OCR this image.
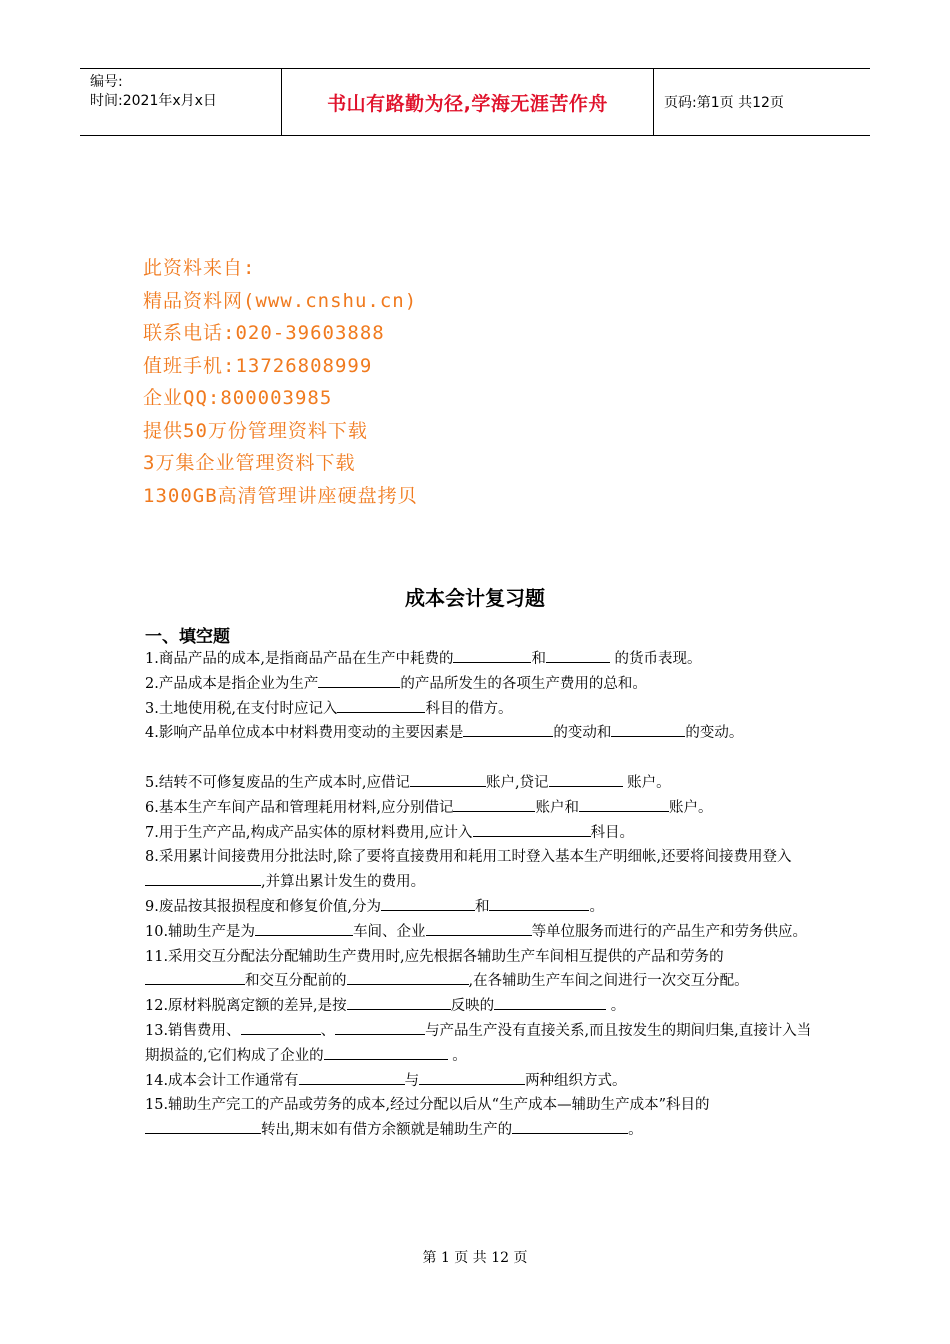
编号:
时间:2021年x月x日	书山有路勤为径,学海无涯苦作舟	页码:第1页 共12页
此资料来自:
精品资料网(www.cnshu.cn)
联系电话:020-39603888
值班手机:13726808999
企业QQ:800003985
提供50万份管理资料下载
3万集企业管理资料下载
1300GB高清管理讲座硬盘拷贝
成本会计复习题
一、填空题

1.商品产品的成本,是指商品产品在生产中耗费的	和	的货币表现。

2.产品成本是指企业为生产	的产品所发生的各项生产费用的总和。

3.土地使用税,在支付时应记入	科目的借方。

4.影响产品单位成本中材料费用变动的主要因素是	的变动和	的变动。

5.结转不可修复废品的生产成本时,应借记	账户,贷记	账户。

6.基本生产车间产品和管理耗用材料,应分别借记	账户和	账户。

7.用于生产产品,构成产品实体的原材料费用,应计入	科目。

8.采用累计间接费用分批法时,除了要将直接费用和耗用工时登入基本生产明细帐,还要将间接费用登入,并算出累计发生的费用。

9.废品按其报损程度和修复价值,分为	和	。

10.辅助生产是为	车间、企业	等单位服务而进行的产品生产和劳务供应。

11.采用交互分配法分配辅助生产费用时,应先根据各辅助生产车间相互提供的产品和劳务的和交互分配前的	,在各辅助生产车间之间进行一次交互分配。

12.原材料脱离定额的差异,是按	反映的	。

13.销售费用、	、	与产品生产没有直接关系,而且按发生的期间归集,直接计入当期损益的,它们构成了企业的	。

14.成本会计工作通常有	与	两种组织方式。

15.辅助生产完工的产品或劳务的成本,经过分配以后从“生产成本—辅助生产成本”科目的转出,期末如有借方余额就是辅助生产的	。

第 1 页 共 12 页
